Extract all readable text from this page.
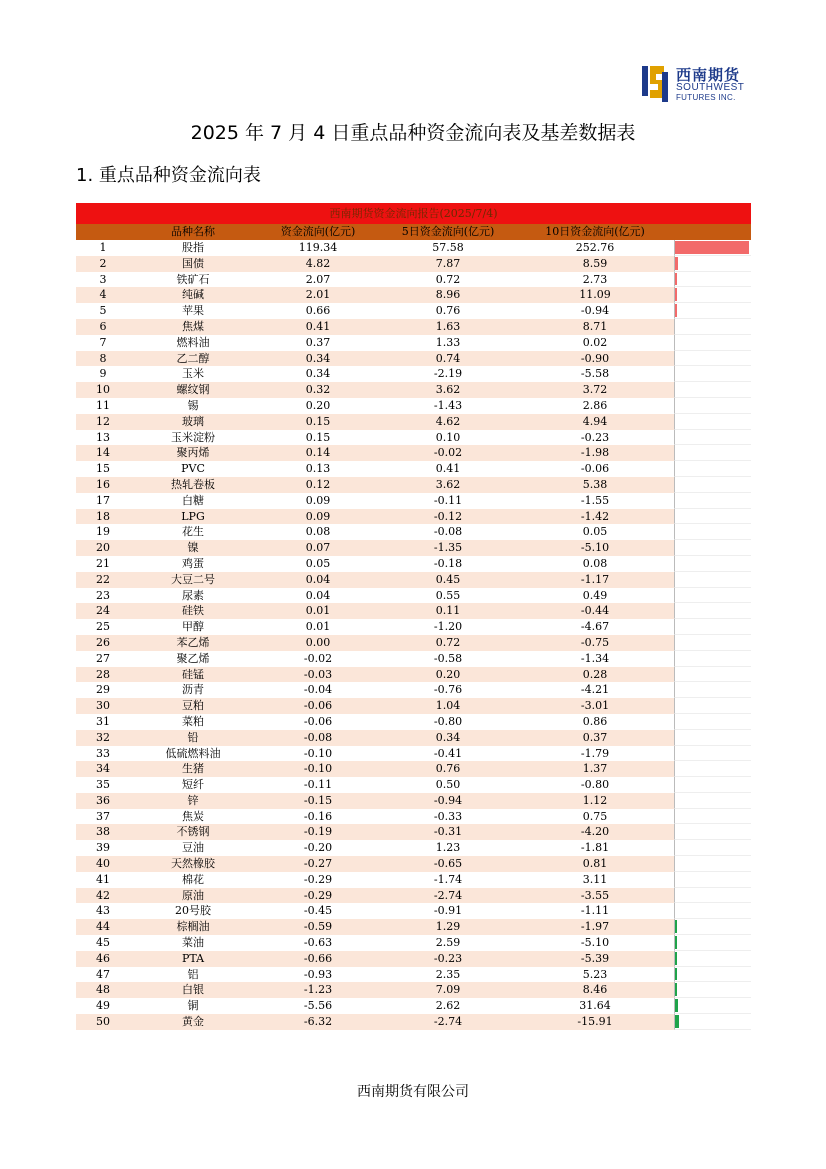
西南期货
SOUTHWEST
FUTURES INC.
2025 年 7 月 4 日重点品种资金流向表及基差数据表
1. 重点品种资金流向表
西南期货资金流向报告(2025/7/4)
品种名称	资金流向(亿元)	5日资金流向(亿元)	10日资金流向(亿元)
1	股指	119.34	57.58	252.76
2	国债	4.82	7.87	8.59
3	铁矿石	2.07	0.72	2.73
4	纯碱	2.01	8.96	11.09
5	苹果	0.66	0.76	-0.94
6	焦煤	0.41	1.63	8.71
7	燃料油	0.37	1.33	0.02
8	乙二醇	0.34	0.74	-0.90
9	玉米	0.34	-2.19	-5.58
10	螺纹钢	0.32	3.62	3.72
11	锡	0.20	-1.43	2.86
12	玻璃	0.15	4.62	4.94
13	玉米淀粉	0.15	0.10	-0.23
14	聚丙烯	0.14	-0.02	-1.98
15	PVC	0.13	0.41	-0.06
16	热轧卷板	0.12	3.62	5.38
17	白糖	0.09	-0.11	-1.55
18	LPG	0.09	-0.12	-1.42
19	花生	0.08	-0.08	0.05
20	镍	0.07	-1.35	-5.10
21	鸡蛋	0.05	-0.18	0.08
22	大豆二号	0.04	0.45	-1.17
23	尿素	0.04	0.55	0.49
24	硅铁	0.01	0.11	-0.44
25	甲醇	0.01	-1.20	-4.67
26	苯乙烯	0.00	0.72	-0.75
27	聚乙烯	-0.02	-0.58	-1.34
28	硅锰	-0.03	0.20	0.28
29	沥青	-0.04	-0.76	-4.21
30	豆粕	-0.06	1.04	-3.01
31	菜粕	-0.06	-0.80	0.86
32	铅	-0.08	0.34	0.37
33	低硫燃料油	-0.10	-0.41	-1.79
34	生猪	-0.10	0.76	1.37
35	短纤	-0.11	0.50	-0.80
36	锌	-0.15	-0.94	1.12
37	焦炭	-0.16	-0.33	0.75
38	不锈钢	-0.19	-0.31	-4.20
39	豆油	-0.20	1.23	-1.81
40	天然橡胶	-0.27	-0.65	0.81
41	棉花	-0.29	-1.74	3.11
42	原油	-0.29	-2.74	-3.55
43	20号胶	-0.45	-0.91	-1.11
44	棕榈油	-0.59	1.29	-1.97
45	菜油	-0.63	2.59	-5.10
46	PTA	-0.66	-0.23	-5.39
47	铝	-0.93	2.35	5.23
48	白银	-1.23	7.09	8.46
49	铜	-5.56	2.62	31.64
50	黄金	-6.32	-2.74	-15.91
西南期货有限公司
